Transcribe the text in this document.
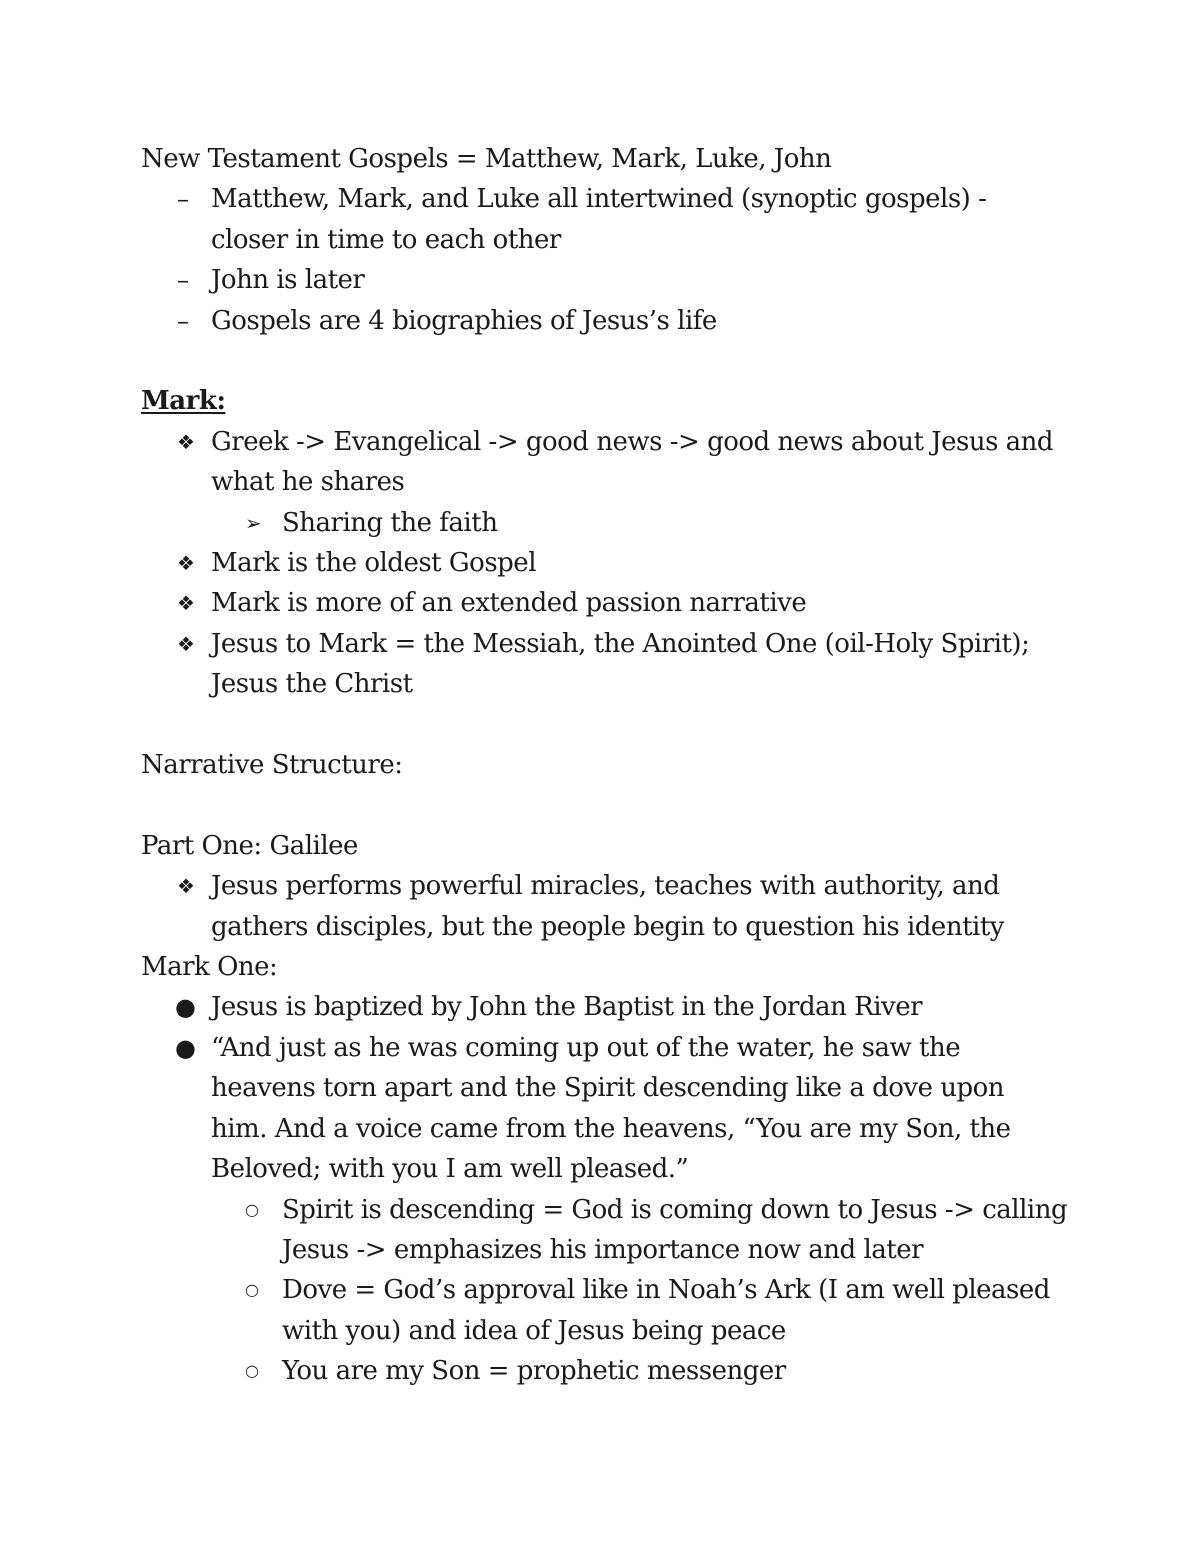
New Testament Gospels = Matthew, Mark, Luke, John
– Matthew, Mark, and Luke all intertwined (synoptic gospels) -
closer in time to each other
– John is later
– Gospels are 4 biographies of Jesus’s life
Mark:
❖ Greek -> Evangelical -> good news -> good news about Jesus and
what he shares
➢ Sharing the faith
❖ Mark is the oldest Gospel
❖ Mark is more of an extended passion narrative
❖ Jesus to Mark = the Messiah, the Anointed One (oil-Holy Spirit);
Jesus the Christ
Narrative Structure:
Part One: Galilee
❖ Jesus performs powerful miracles, teaches with authority, and
gathers disciples, but the people begin to question his identity
Mark One:
● Jesus is baptized by John the Baptist in the Jordan River
● “And just as he was coming up out of the water, he saw the
heavens torn apart and the Spirit descending like a dove upon
him. And a voice came from the heavens, “You are my Son, the
Beloved; with you I am well pleased.”
○ Spirit is descending = God is coming down to Jesus -> calling
Jesus -> emphasizes his importance now and later
○ Dove = God’s approval like in Noah’s Ark (I am well pleased
with you) and idea of Jesus being peace
○ You are my Son = prophetic messenger
